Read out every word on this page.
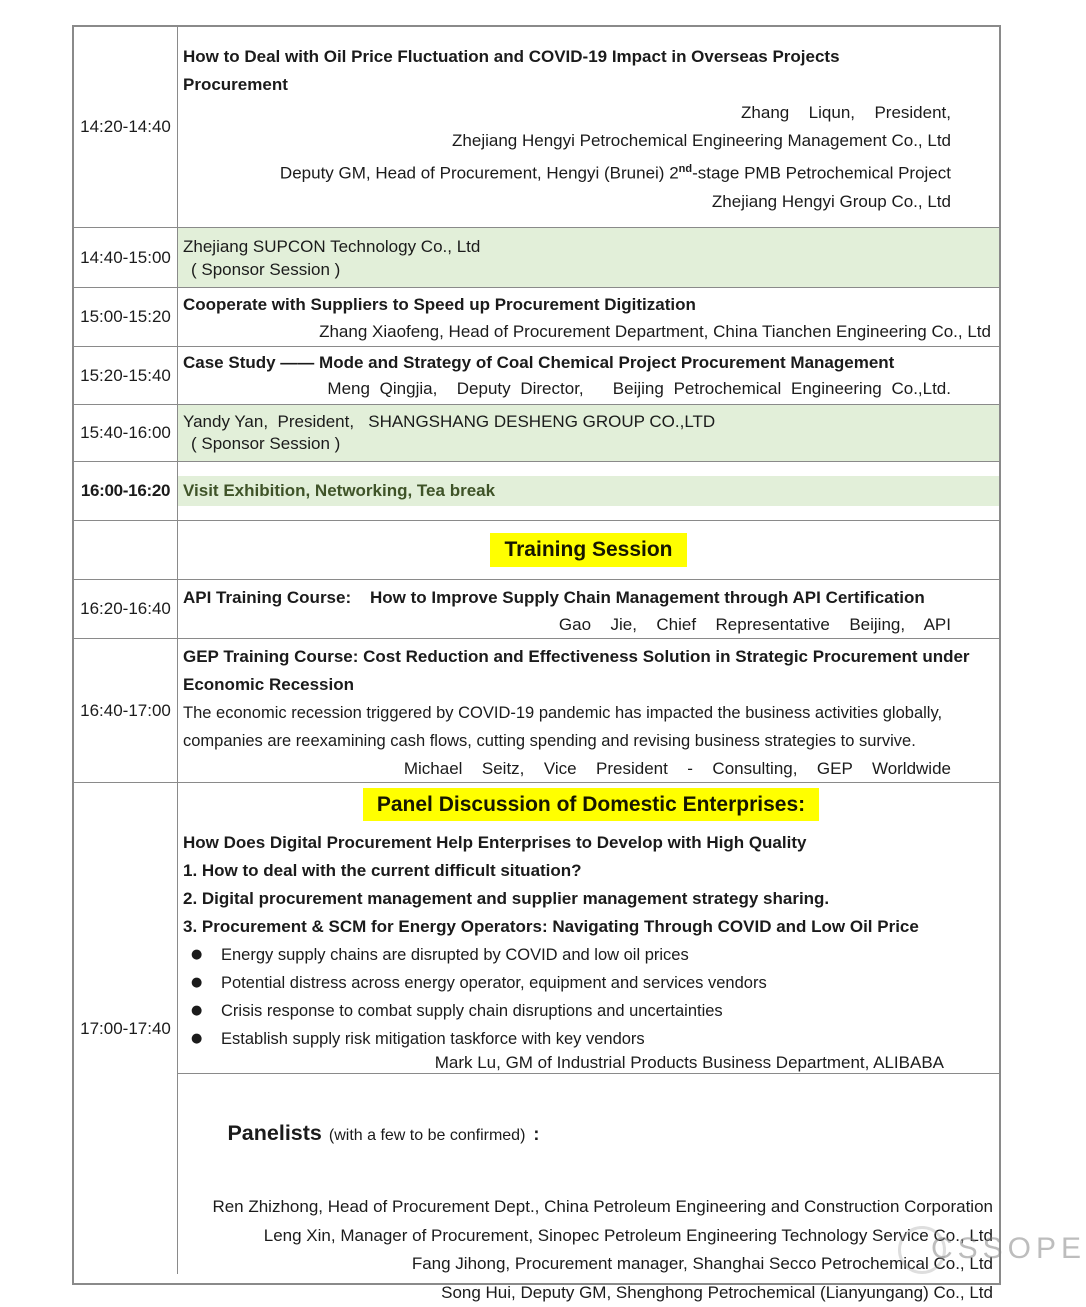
14:20-14:40
How to Deal with Oil Price Fluctuation and COVID-19 Impact in Overseas Projects
Procurement
Zhang  Liqun,  President,
Zhejiang Hengyi Petrochemical Engineering Management Co., Ltd
Deputy GM, Head of Procurement, Hengyi (Brunei) 2nd-stage PMB Petrochemical Project
Zhejiang Hengyi Group Co., Ltd
14:40-15:00
Zhejiang SUPCON Technology Co., Ltd
( Sponsor Session )
15:00-15:20
Cooperate with Suppliers to Speed up Procurement Digitization
Zhang Xiaofeng, Head of Procurement Department, China Tianchen Engineering Co., Ltd
15:20-15:40
Case Study —— Mode and Strategy of Coal Chemical Project Procurement Management
Meng Qingjia,  Deputy Director,   Beijing Petrochemical Engineering Co.,Ltd.
15:40-16:00
Yandy Yan,  President,   SHANGSHANG DESHENG GROUP CO.,LTD
( Sponsor Session )
16:00-16:20 Visit Exhibition, Networking, Tea break
Training Session
16:20-16:40
API Training Course:    How to Improve Supply Chain Management through API Certification
Gao  Jie,  Chief  Representative  Beijing,  API
16:40-17:00
GEP Training Course: Cost Reduction and Effectiveness Solution in Strategic Procurement under
Economic Recession
The economic recession triggered by COVID-19 pandemic has impacted the business activities globally,
companies are reexamining cash flows, cutting spending and revising business strategies to survive.
Michael  Seitz,  Vice  President  -  Consulting,  GEP  Worldwide
17:00-17:40
Panel Discussion of Domestic Enterprises:
How Does Digital Procurement Help Enterprises to Develop with High Quality
1. How to deal with the current difficult situation?
2. Digital procurement management and supplier management strategy sharing.
3. Procurement & SCM for Energy Operators: Navigating Through COVID and Low Oil Price
●	Energy supply chains are disrupted by COVID and low oil prices
●	Potential distress across energy operator, equipment and services vendors
●	Crisis response to combat supply chain disruptions and uncertainties
●	Establish supply risk mitigation taskforce with key vendors
Mark Lu, GM of Industrial Products Business Department, ALIBABA

Panelists (with a few to be confirmed) :

Ren Zhizhong, Head of Procurement Dept., China Petroleum Engineering and Construction Corporation
Leng Xin, Manager of Procurement, Sinopec Petroleum Engineering Technology Service Co., Ltd
Fang Jihong, Procurement manager, Shanghai Secco Petrochemical Co., Ltd
Song Hui, Deputy GM, Shenghong Petrochemical (Lianyungang) Co., Ltd
CSSOPE
